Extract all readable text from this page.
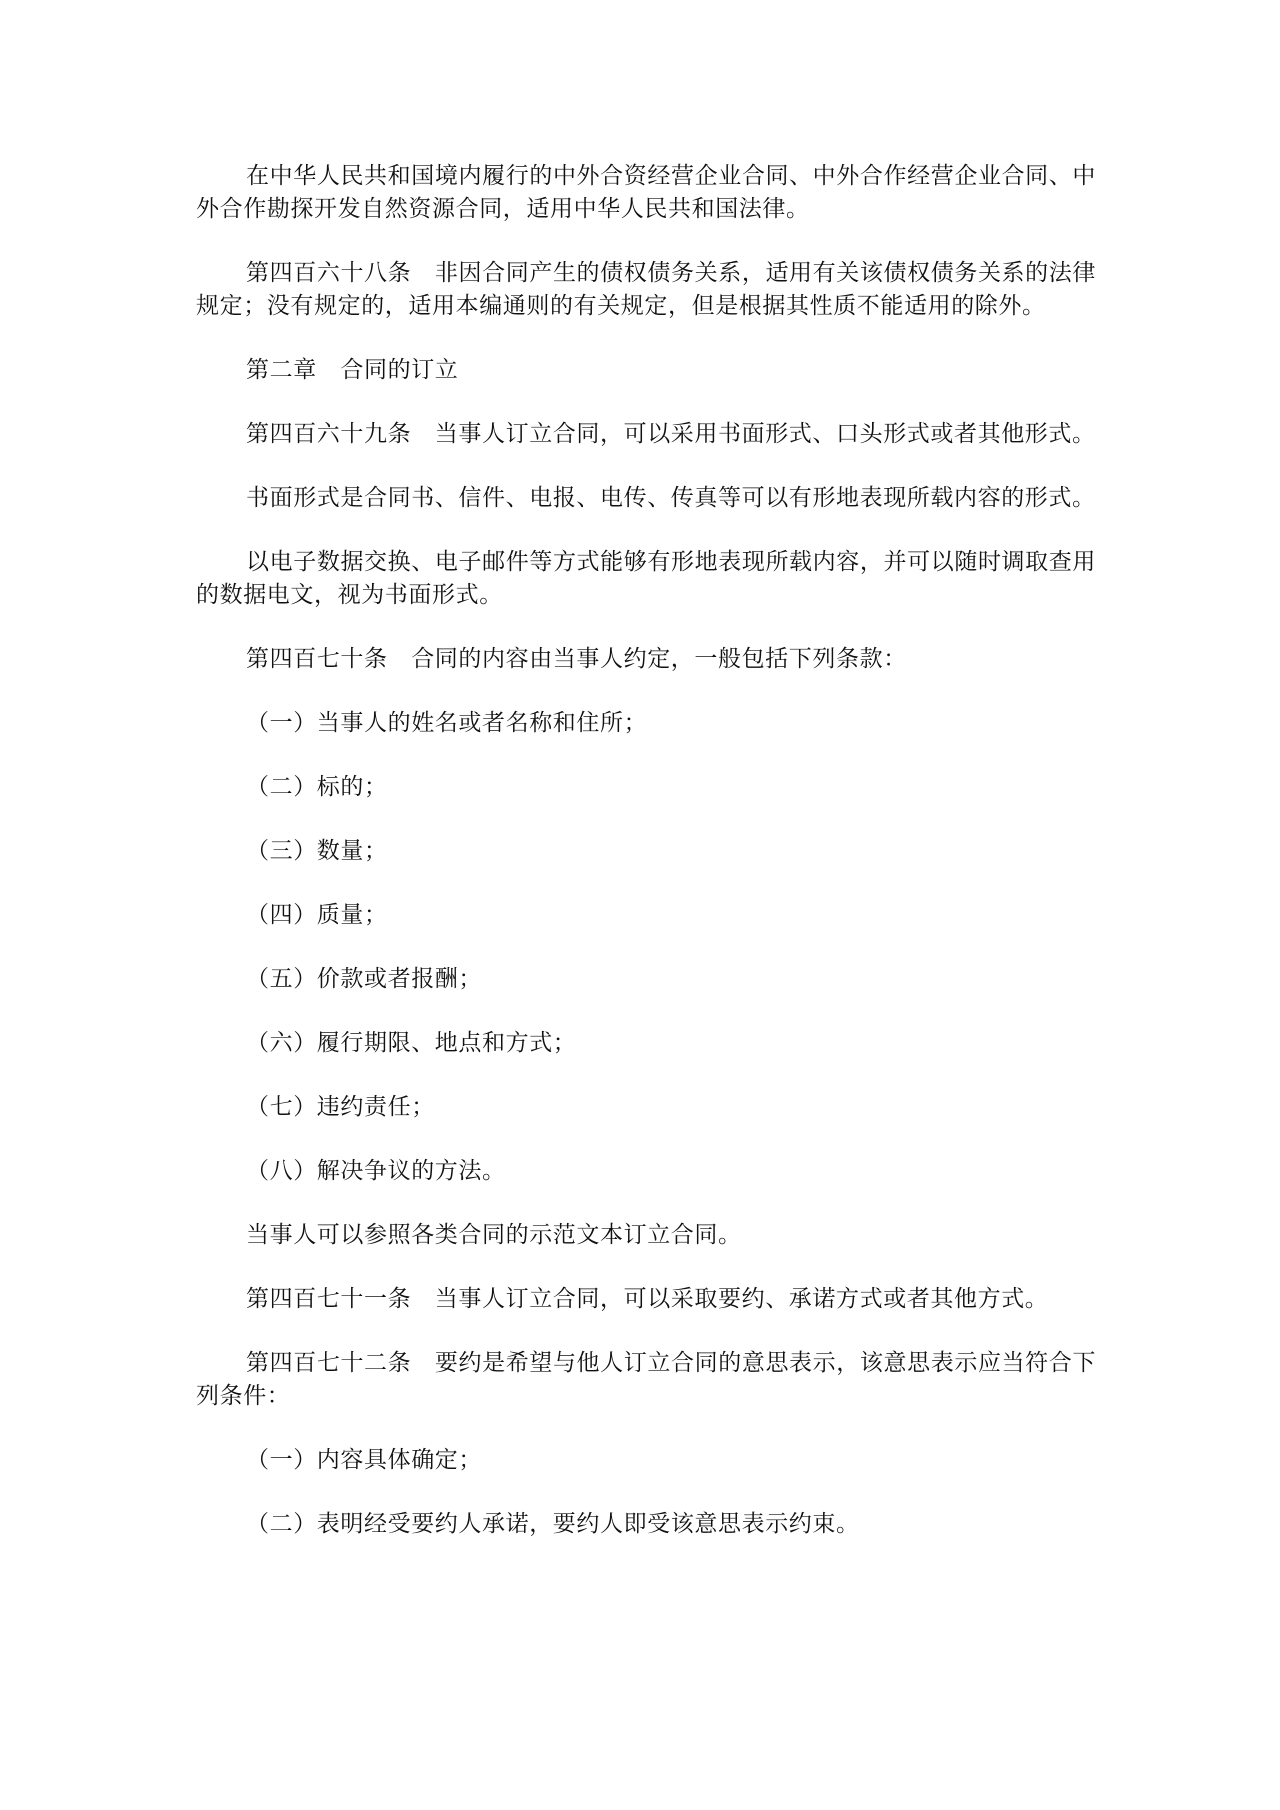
在中华人民共和国境内履行的中外合资经营企业合同、中外合作经营企业合同、中外合作勘探开发自然资源合同，适用中华人民共和国法律。

第四百六十八条　非因合同产生的债权债务关系，适用有关该债权债务关系的法律规定；没有规定的，适用本编通则的有关规定，但是根据其性质不能适用的除外。

第二章　合同的订立

第四百六十九条　当事人订立合同，可以采用书面形式、口头形式或者其他形式。

书面形式是合同书、信件、电报、电传、传真等可以有形地表现所载内容的形式。

以电子数据交换、电子邮件等方式能够有形地表现所载内容，并可以随时调取查用的数据电文，视为书面形式。

第四百七十条　合同的内容由当事人约定，一般包括下列条款：

（一）当事人的姓名或者名称和住所；

（二）标的；

（三）数量；

（四）质量；

（五）价款或者报酬；

（六）履行期限、地点和方式；

（七）违约责任；

（八）解决争议的方法。

当事人可以参照各类合同的示范文本订立合同。

第四百七十一条　当事人订立合同，可以采取要约、承诺方式或者其他方式。

第四百七十二条　要约是希望与他人订立合同的意思表示，该意思表示应当符合下列条件：

（一）内容具体确定；

（二）表明经受要约人承诺，要约人即受该意思表示约束。
